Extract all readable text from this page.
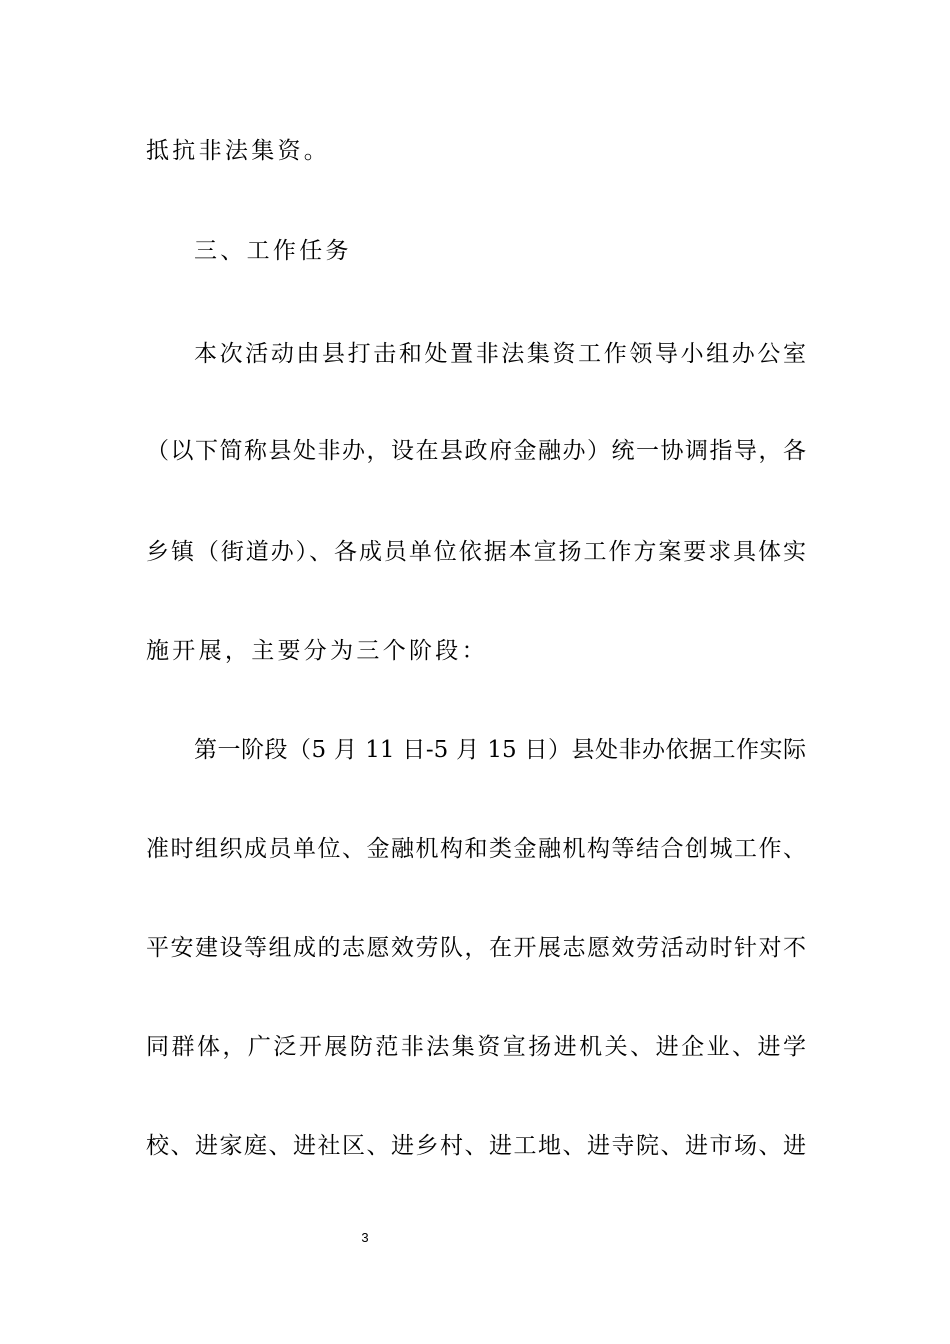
抵抗非法集资。
三、工作任务
本次活动由县打击和处置非法集资工作领导小组办公室
（以下简称县处非办，设在县政府金融办）统一协调指导，各
乡镇（街道办）、各成员单位依据本宣扬工作方案要求具体实
施开展，主要分为三个阶段：
第一阶段（5 月 11 日-5 月 15 日）县处非办依据工作实际
准时组织成员单位、金融机构和类金融机构等结合创城工作、
平安建设等组成的志愿效劳队，在开展志愿效劳活动时针对不
同群体，广泛开展防范非法集资宣扬进机关、进企业、进学
校、进家庭、进社区、进乡村、进工地、进寺院、进市场、进
3
